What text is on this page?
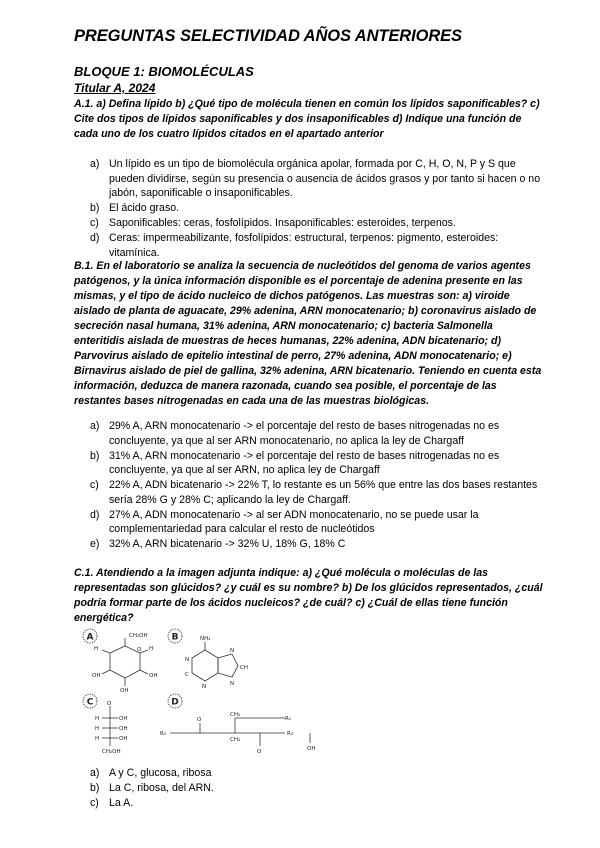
PREGUNTAS SELECTIVIDAD AÑOS ANTERIORES
BLOQUE 1: BIOMOLÉCULAS
Titular A, 2024
A.1. a) Defina lípido b) ¿Qué tipo de molécula tienen en común los lípidos saponificables? c) Cite dos tipos de lípidos saponificables y dos insaponificables d) Indique una función de cada uno de los cuatro lípidos citados en el apartado anterior
a) Un lípido es un tipo de biomolécula orgánica apolar, formada por C, H, O, N, P y S que pueden dividirse, según su presencia o ausencia de ácidos grasos y por tanto si hacen o no jabón, saponificable o insaponificables.
b) El ácido graso.
c) Saponificables: ceras, fosfolípidos. Insaponificables: esteroides, terpenos.
d) Ceras: impermeabilizante, fosfolípidos: estructural, terpenos: pigmento, esteroides: vitamínica.
B.1. En el laboratorio se analiza la secuencia de nucleótidos del genoma de varios agentes patógenos, y la única información disponible es el porcentaje de adenina presente en las mismas, y el tipo de ácido nucleico de dichos patógenos. Las muestras son: a) viroide aislado de planta de aguacate, 29% adenina, ARN monocatenario; b) coronavirus aislado de secreción nasal humana, 31% adenina, ARN monocatenario; c) bacteria Salmonella enteritidis aislada de muestras de heces humanas, 22% adenina, ADN bicatenario; d) Parvovirus aislado de epitelio intestinal de perro, 27% adenina, ADN monocatenario; e) Birnavirus aislado de piel de gallina, 32% adenina, ARN bicatenario. Teniendo en cuenta esta información, deduzca de manera razonada, cuando sea posible, el porcentaje de las restantes bases nitrogenadas en cada una de las muestras biológicas.
a) 29% A, ARN monocatenario -> el porcentaje del resto de bases nitrogenadas no es concluyente, ya que al ser ARN monocatenario, no aplica la ley de Chargaff
b) 31% A, ARN monocatenario -> el porcentaje del resto de bases nitrogenadas no es concluyente, ya que al ser ARN, no aplica ley de Chargaff
c) 22% A, ADN bicatenario -> 22% T, lo restante es un 56% que entre las dos bases restantes sería 28% G y 28% C; aplicando la ley de Chargaff.
d) 27% A, ADN monocatenario -> al ser ADN monocatenario, no se puede usar la complementariedad para calcular el resto de nucleótidos
e) 32% A, ARN bicatenario -> 32% U, 18% G, 18% C
C.1. Atendiendo a la imagen adjunta indique: a) ¿Qué molécula o moléculas de las representadas son glúcidos? ¿y cuál es su nombre? b) De los glúcidos representados, ¿cuál podría formar parte de los ácidos nucleicos? ¿de cuál? c) ¿Cuál de ellas tiene función energética?
A	B
C	D
CH₂OH
O
H	H
OH
OH
OH
NH₂
N
C
N
N
CH
N
O
H	OH
H	OH
H	OH
CH₂OH
R₂
O
CH₂
R₁
CH₂
O
R₃
OH
a) A y C, glucosa, ribosa
b) La C, ribosa, del ARN.
c) La A.
